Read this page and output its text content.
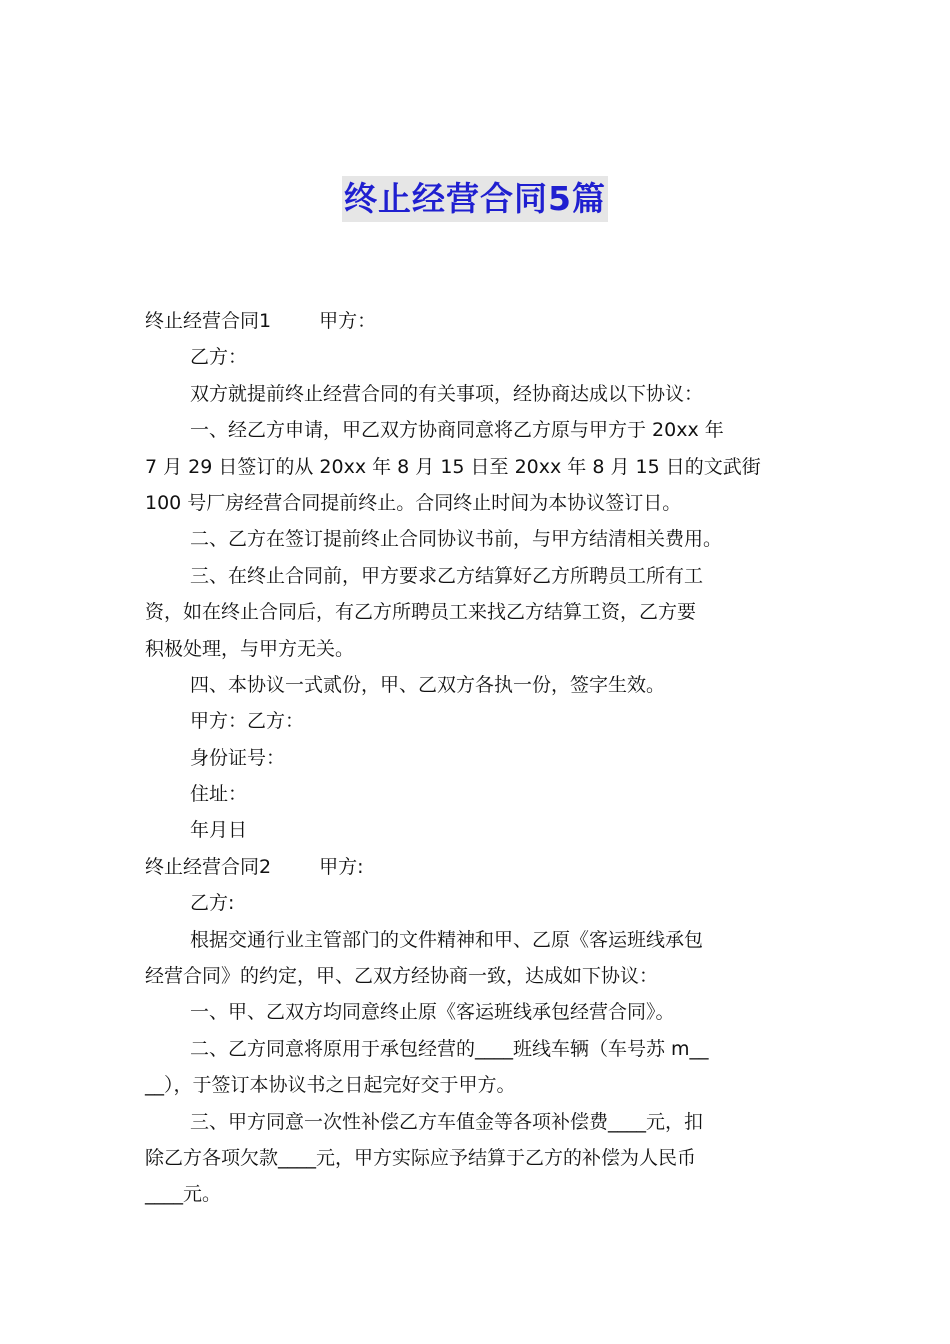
终止经营合同5篇
终止经营合同1	甲方：
乙方：
双方就提前终止经营合同的有关事项，经协商达成以下协议：
一、经乙方申请，甲乙双方协商同意将乙方原与甲方于 20xx 年
7 月 29 日签订的从 20xx 年 8 月 15 日至 20xx 年 8 月 15 日的文武街
100 号厂房经营合同提前终止。合同终止时间为本协议签订日。
二、乙方在签订提前终止合同协议书前，与甲方结清相关费用。
三、在终止合同前，甲方要求乙方结算好乙方所聘员工所有工
资，如在终止合同后，有乙方所聘员工来找乙方结算工资，乙方要
积极处理，与甲方无关。
四、本协议一式贰份，甲、乙双方各执一份，签字生效。
甲方：乙方：
身份证号：
住址：
年月日
终止经营合同2	甲方:
乙方:
根据交通行业主管部门的文件精神和甲、乙原《客运班线承包
经营合同》的约定，甲、乙双方经协商一致，达成如下协议：
一、甲、乙双方均同意终止原《客运班线承包经营合同》。
二、乙方同意将原用于承包经营的____班线车辆（车号苏 m__
__），于签订本协议书之日起完好交于甲方。
三、甲方同意一次性补偿乙方车值金等各项补偿费____元，扣
除乙方各项欠款____元，甲方实际应予结算于乙方的补偿为人民币
____元。
